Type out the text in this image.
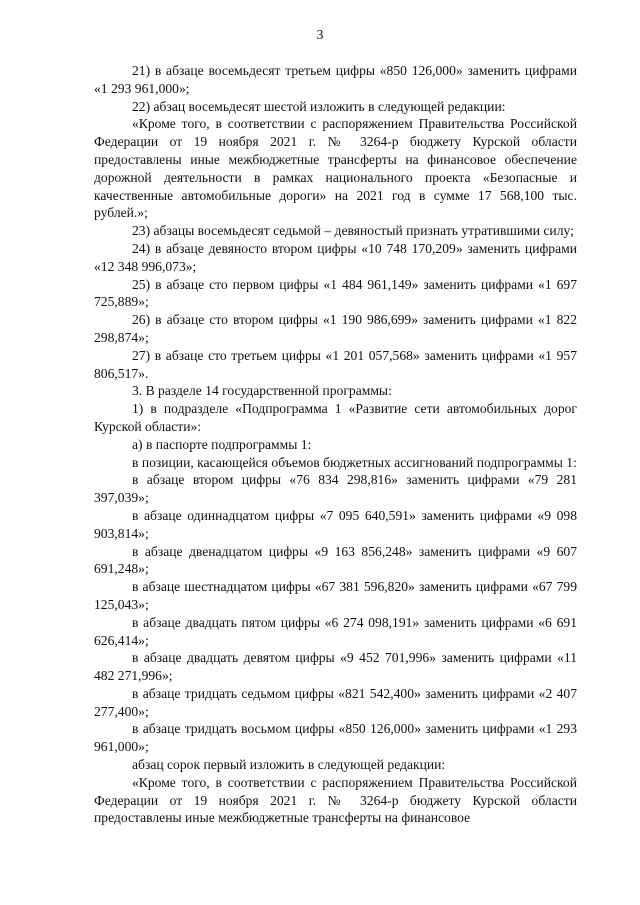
3

21) в абзаце восемьдесят третьем цифры «850 126,000» заменить цифрами «1 293 961,000»;

22) абзац восемьдесят шестой изложить в следующей редакции:

«Кроме того, в соответствии с распоряжением Правительства Российской Федерации от 19 ноября 2021 г. № 3264-р бюджету Курской области предоставлены иные межбюджетные трансферты на финансовое обеспечение дорожной деятельности в рамках национального проекта «Безопасные и качественные автомобильные дороги» на 2021 год в сумме 17 568,100 тыс. рублей.»;

23) абзацы восемьдесят седьмой – девяностый признать утратившими силу;

24) в абзаце девяносто втором цифры «10 748 170,209» заменить цифрами «12 348 996,073»;

25) в абзаце сто первом цифры «1 484 961,149» заменить цифрами «1 697 725,889»;

26) в абзаце сто втором цифры «1 190 986,699» заменить цифрами «1 822 298,874»;

27) в абзаце сто третьем цифры «1 201 057,568» заменить цифрами «1 957 806,517».

3. В разделе 14 государственной программы:

1) в подразделе «Подпрограмма 1 «Развитие сети автомобильных дорог Курской области»:

а) в паспорте подпрограммы 1:

в позиции, касающейся объемов бюджетных ассигнований подпрограммы 1:

в абзаце втором цифры «76 834 298,816» заменить цифрами «79 281 397,039»;

в абзаце одиннадцатом цифры «7 095 640,591» заменить цифрами «9 098 903,814»;

в абзаце двенадцатом цифры «9 163 856,248» заменить цифрами «9 607 691,248»;

в абзаце шестнадцатом цифры «67 381 596,820» заменить цифрами «67 799 125,043»;

в абзаце двадцать пятом цифры «6 274 098,191» заменить цифрами «6 691 626,414»;

в абзаце двадцать девятом цифры «9 452 701,996» заменить цифрами «11 482 271,996»;

в абзаце тридцать седьмом цифры «821 542,400» заменить цифрами «2 407 277,400»;

в абзаце тридцать восьмом цифры «850 126,000» заменить цифрами «1 293 961,000»;

абзац сорок первый изложить в следующей редакции:

«Кроме того, в соответствии с распоряжением Правительства Российской Федерации от 19 ноября 2021 г. № 3264-р бюджету Курской области предоставлены иные межбюджетные трансферты на финансовое
